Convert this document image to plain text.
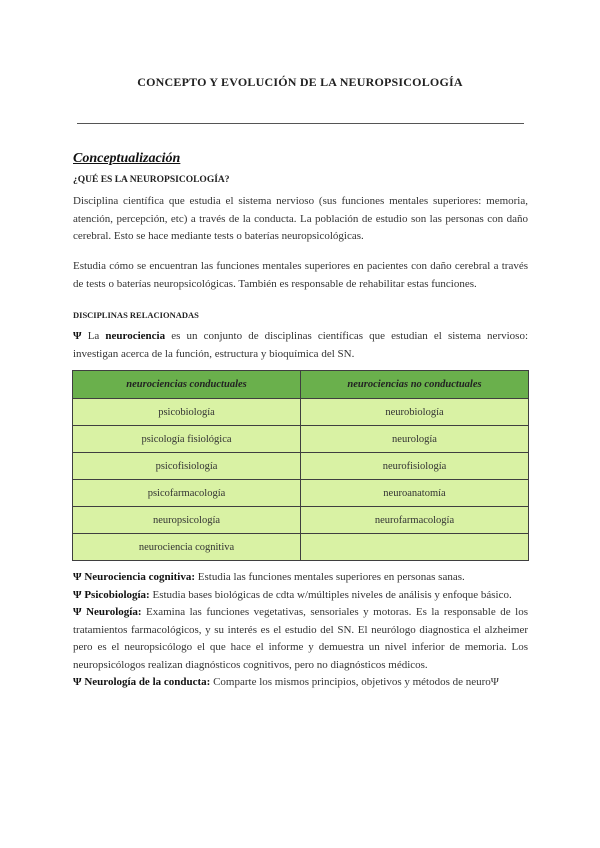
CONCEPTO Y EVOLUCIÓN DE LA NEUROPSICOLOGÍA
Conceptualización
¿QUÉ ES LA NEUROPSICOLOGÍA?

Disciplina científica que estudia el sistema nervioso (sus funciones mentales superiores: memoria, atención, percepción, etc) a través de la conducta. La población de estudio son las personas con daño cerebral. Esto se hace mediante tests o baterías neuropsicológicas.

Estudia cómo se encuentran las funciones mentales superiores en pacientes con daño cerebral a través de tests o baterías neuropsicológicas. También es responsable de rehabilitar estas funciones.

DISCIPLINAS RELACIONADAS

Ψ La neurociencia es un conjunto de disciplinas científicas que estudian el sistema nervioso: investigan acerca de la función, estructura y bioquímica del SN.

neurociencias conductuales	neurociencias no conductuales
psicobiología	neurobiología
psicología fisiológica	neurología
psicofisiología	neurofisiología
psicofarmacología	neuroanatomía
neuropsicología	neurofarmacología
neurociencia cognitiva	

Ψ Neurociencia cognitiva: Estudia las funciones mentales superiores en personas sanas.

Ψ Psicobiología: Estudia bases biológicas de cdta w/múltiples niveles de análisis y enfoque básico.

Ψ Neurología: Examina las funciones vegetativas, sensoriales y motoras. Es la responsable de los tratamientos farmacológicos, y su interés es el estudio del SN. El neurólogo diagnostica el alzheimer pero es el neuropsicólogo el que hace el informe y demuestra un nivel inferior de memoria. Los neuropsicólogos realizan diagnósticos cognitivos, pero no diagnósticos médicos.

Ψ Neurología de la conducta: Comparte los mismos principios, objetivos y métodos de neuroΨ
